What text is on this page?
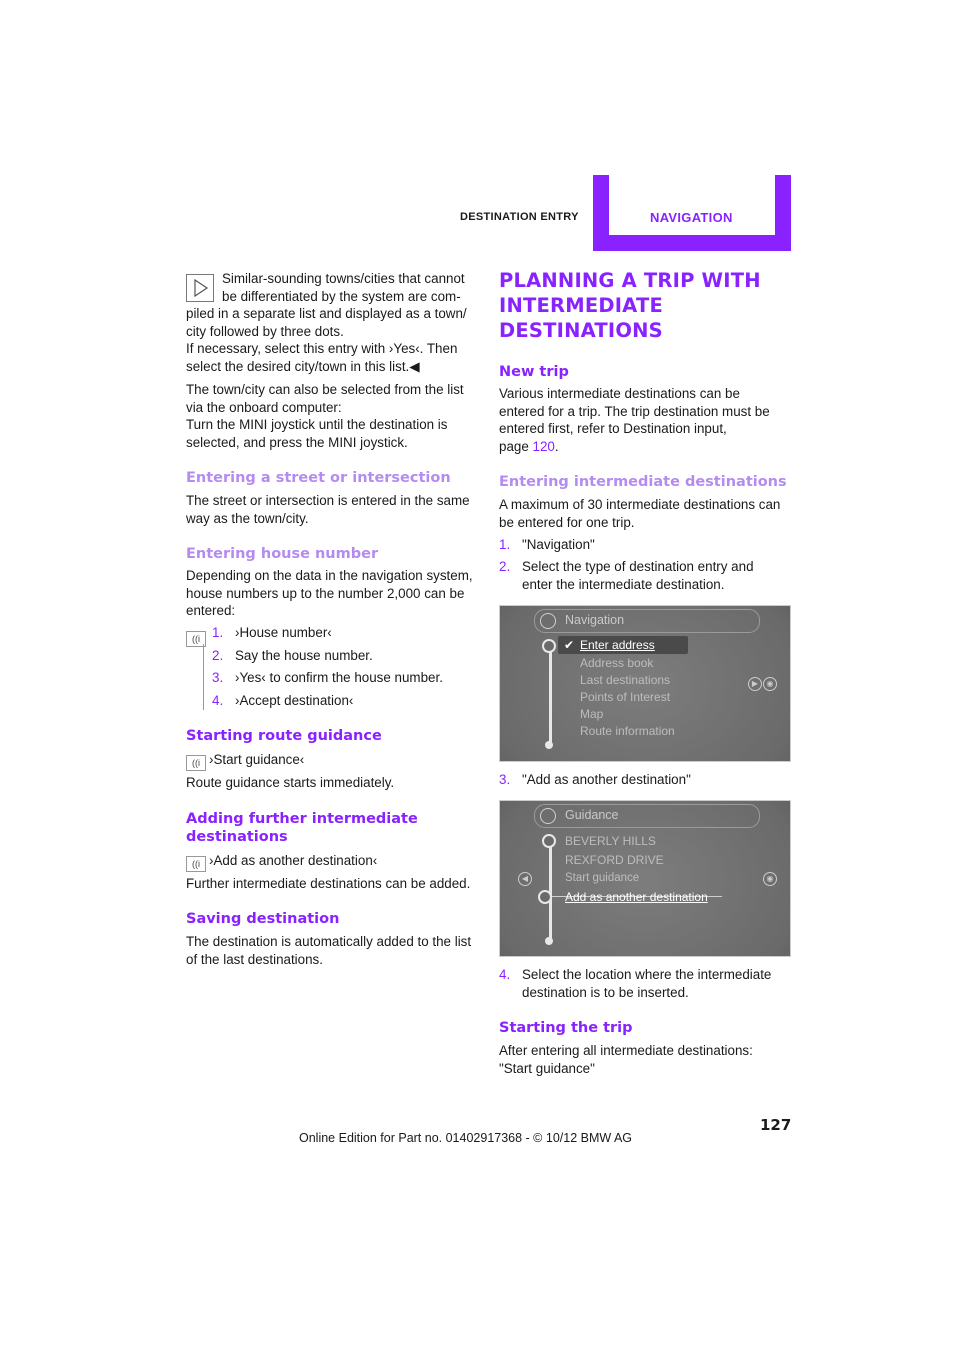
DESTINATION ENTRY	NAVIGATION
Similar-sounding towns/cities that cannot
be differentiated by the system are com-
piled in a separate list and displayed as a town/
city followed by three dots.
If necessary, select this entry with ›Yes‹. Then
select the desired city/town in this list.◀
The town/city can also be selected from the list
via the onboard computer:
Turn the MINI joystick until the destination is
selected, and press the MINI joystick.
Entering a street or intersection
The street or intersection is entered in the same
way as the town/city.
Entering house number
Depending on the data in the navigation system,
house numbers up to the number 2,000 can be
entered:
((i 1. ›House number‹
2. Say the house number.
3. ›Yes‹ to confirm the house number.
4. ›Accept destination‹
Starting route guidance
((i ›Start guidance‹
Route guidance starts immediately.
Adding further intermediate
destinations
((i ›Add as another destination‹
Further intermediate destinations can be added.
Saving destination
The destination is automatically added to the list
of the last destinations.
PLANNING A TRIP WITH
INTERMEDIATE
DESTINATIONS
New trip
Various intermediate destinations can be
entered for a trip. The trip destination must be
entered first, refer to Destination input,
page 120.
Entering intermediate destinations
A maximum of 30 intermediate destinations can
be entered for one trip.
1. "Navigation"
2. Select the type of destination entry and
enter the intermediate destination.
Navigation
✔ Enter address
Address book
Last destinations
Points of Interest
Map
Route information
▶	◉
3. "Add as another destination"
Guidance
BEVERLY HILLS
REXFORD DRIVE
Start guidance
Add as another destination
◀	◉
4. Select the location where the intermediate
destination is to be inserted.
Starting the trip
After entering all intermediate destinations:
"Start guidance"
127
Online Edition for Part no. 01402917368 - © 10/12 BMW AG
